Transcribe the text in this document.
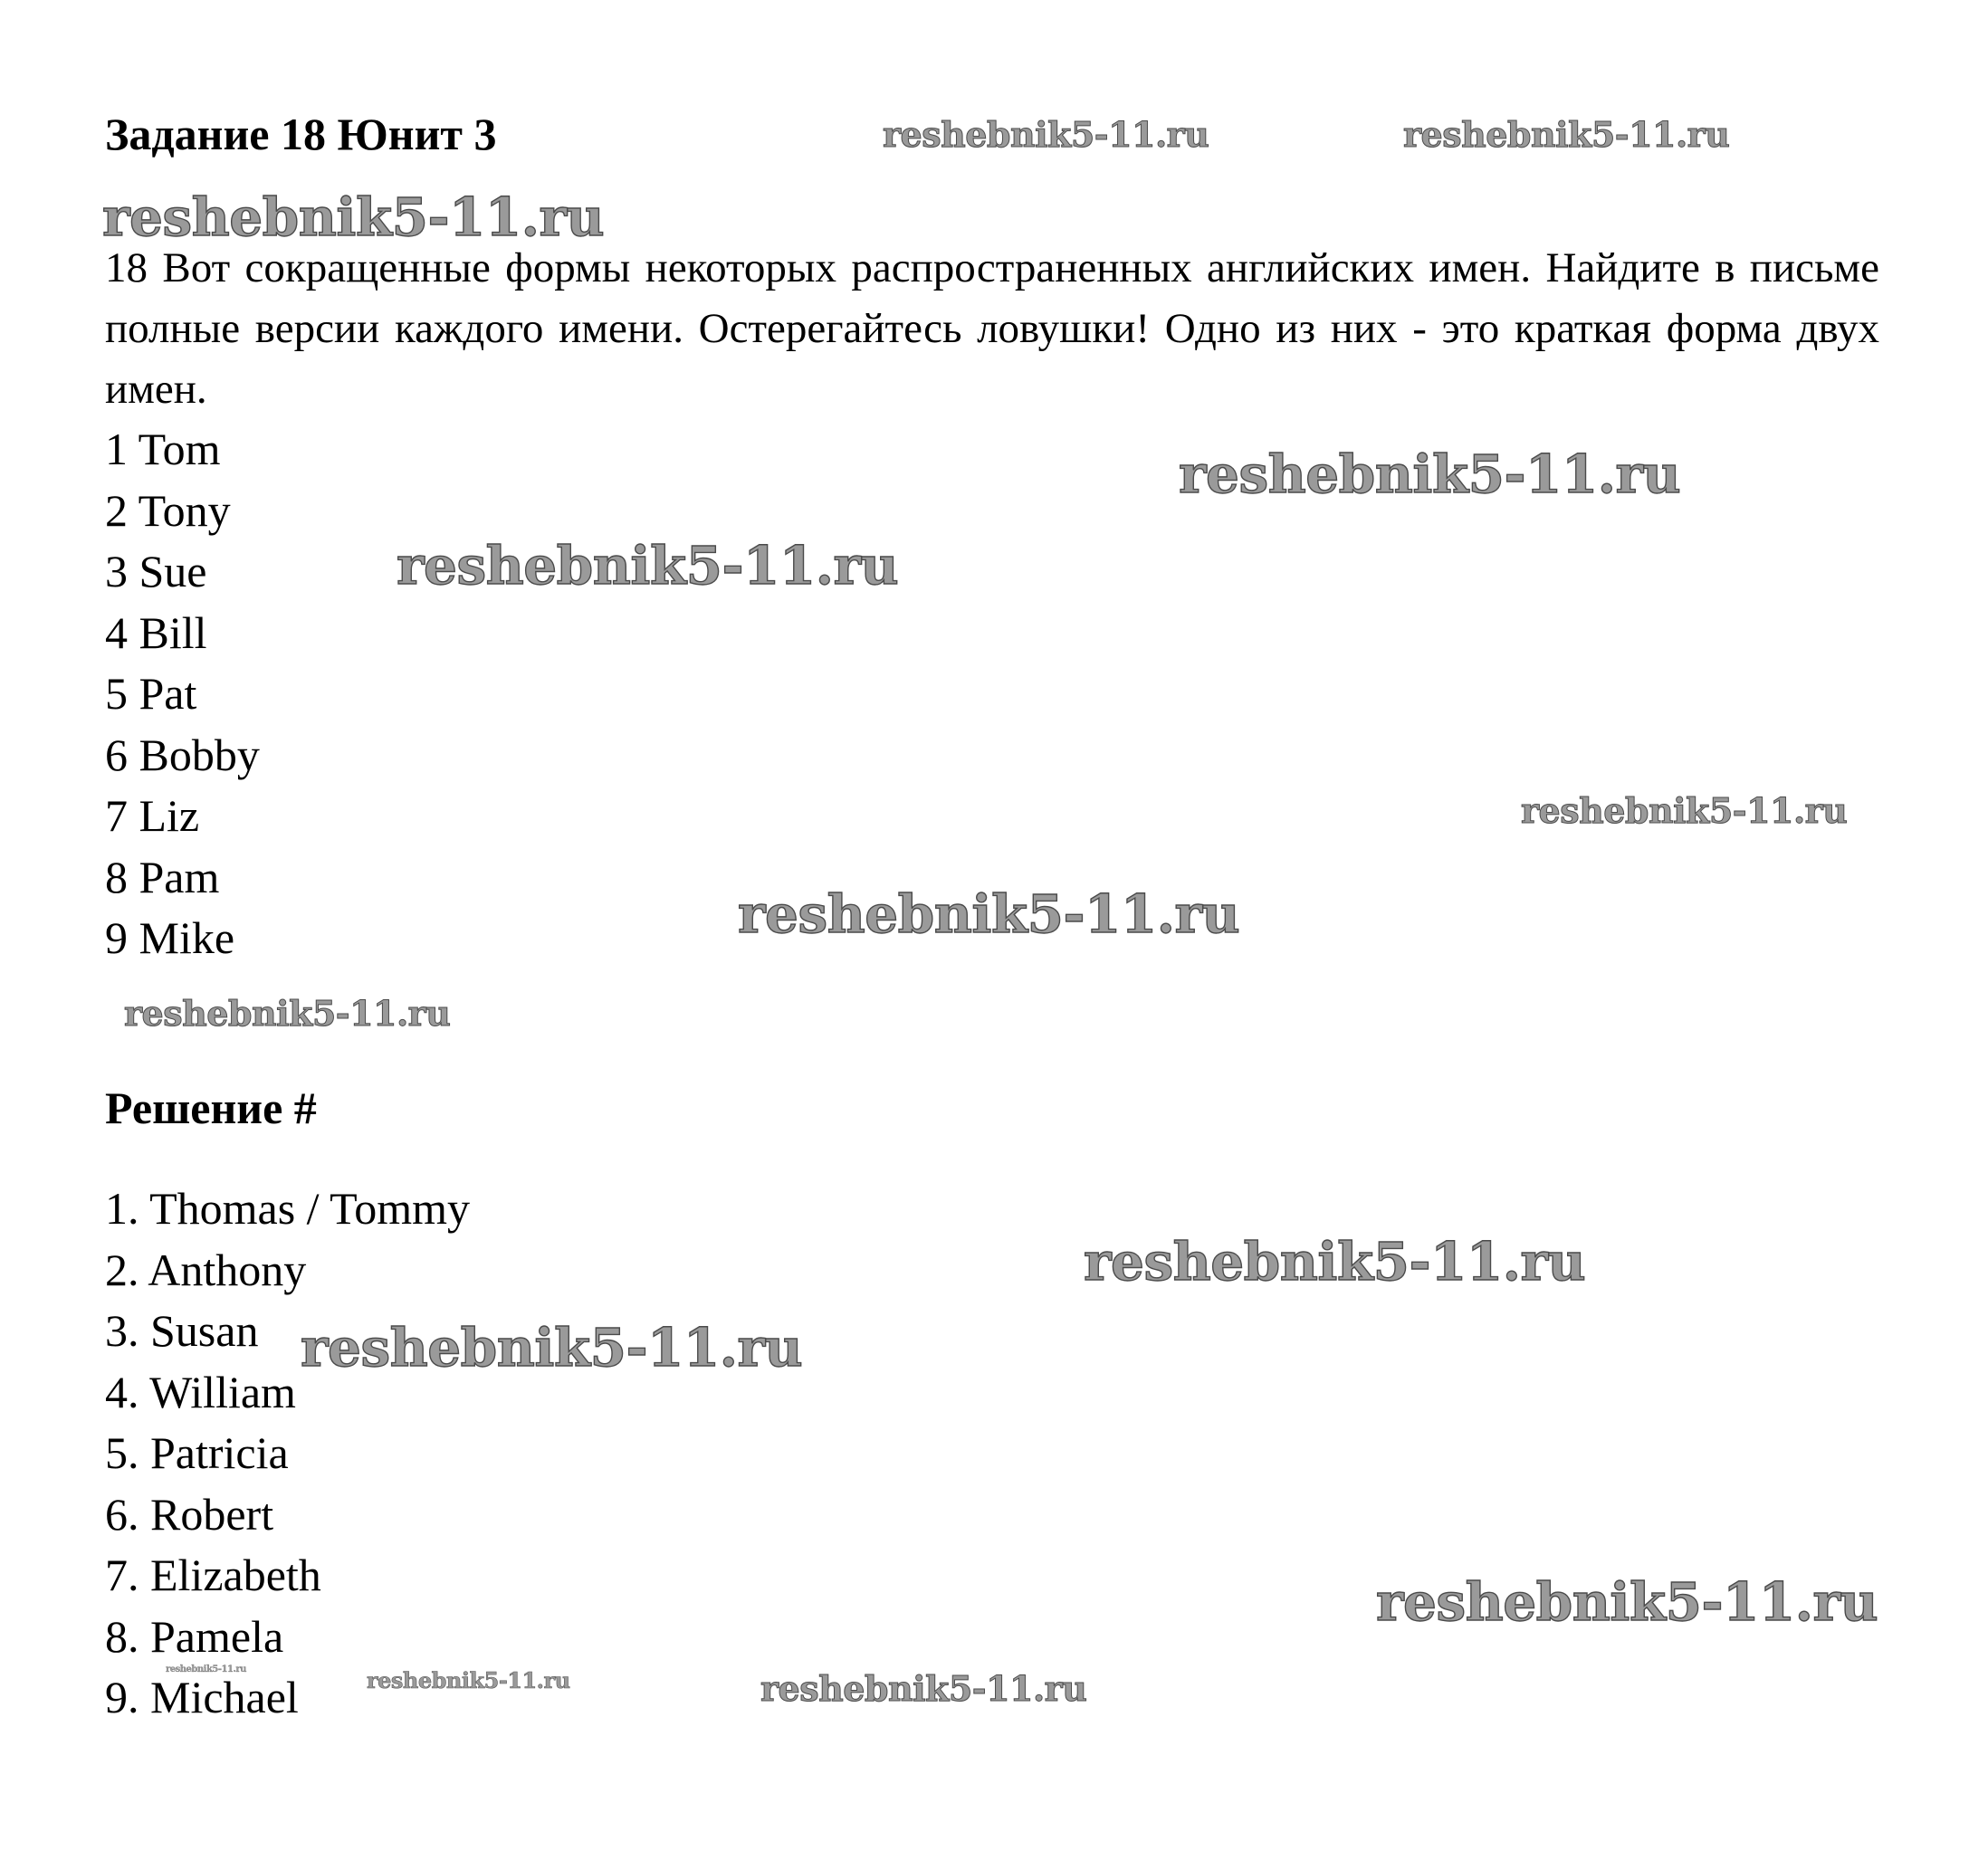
Задание 18 Юнит 3
18 Вот сокращенные формы некоторых распространенных английских имен. Найдите в письме полные версии каждого имени. Остерегайтесь ловушки! Одно из них - это краткая форма двух имен.
1 Tom
2 Tony
3 Sue
4 Bill
5 Pat
6 Bobby
7 Liz
8 Pam
9 Mike
Решение #
1. Thomas / Tommy
2. Anthony
3. Susan
4. William
5. Patricia
6. Robert
7. Elizabeth
8. Pamela
9. Michael
reshebnik5-11.ru	reshebnik5-11.ru
reshebnik5-11.ru
reshebnik5-11.ru
reshebnik5-11.ru
reshebnik5-11.ru
reshebnik5-11.ru
reshebnik5-11.ru
reshebnik5-11.ru
reshebnik5-11.ru
reshebnik5-11.ru
reshebnik5-11.ru
reshebnik5-11.ru
reshebnik5-11.ru
